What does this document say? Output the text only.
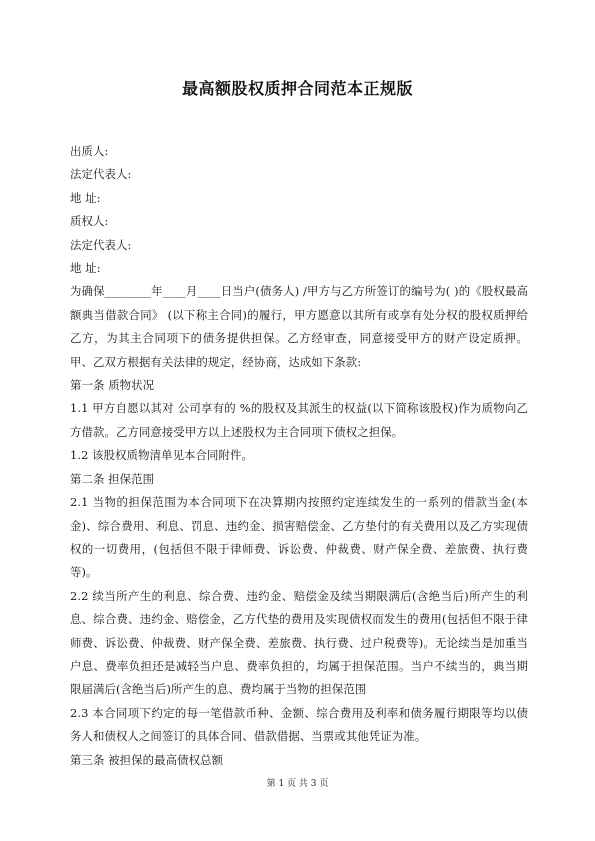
最高额股权质押合同范本正规版

出质人:

法定代表人:

地 址:

质权人:

法定代表人:

地 址:

为确保________年____月____日当户(债务人) /甲方与乙方所签订的编号为( )的《股权最高额典当借款合同》 (以下称主合同)的履行，甲方愿意以其所有或享有处分权的股权质押给乙方，为其主合同项下的债务提供担保。乙方经审查，同意接受甲方的财产设定质押。甲、乙双方根据有关法律的规定，经协商，达成如下条款:

第一条 质物状况

1.1 甲方自愿以其对 公司享有的 %的股权及其派生的权益(以下简称该股权)作为质物向乙方借款。乙方同意接受甲方以上述股权为主合同项下债权之担保。

1.2 该股权质物清单见本合同附件。

第二条 担保范围

2.1 当物的担保范围为本合同项下在决算期内按照约定连续发生的一系列的借款当金(本金)、综合费用、利息、罚息、违约金、损害赔偿金、乙方垫付的有关费用以及乙方实现债权的一切费用，(包括但不限于律师费、诉讼费、仲裁费、财产保全费、差旅费、执行费等)。

2.2 续当所产生的利息、综合费、违约金、赔偿金及续当期限满后(含绝当后)所产生的利息、综合费、违约金、赔偿金，乙方代垫的费用及实现债权而发生的费用(包括但不限于律师费、诉讼费、仲裁费、财产保全费、差旅费、执行费、过户税费等)。无论续当是加重当户息、费率负担还是减轻当户息、费率负担的，均属于担保范围。当户不续当的，典当期限届满后(含绝当后)所产生的息、费均属于当物的担保范围

2.3 本合同项下约定的每一笔借款币种、金额、综合费用及利率和债务履行期限等均以债务人和债权人之间签订的具体合同、借款借据、当票或其他凭证为准。

第三条 被担保的最高债权总额

第 1 页 共 3 页
